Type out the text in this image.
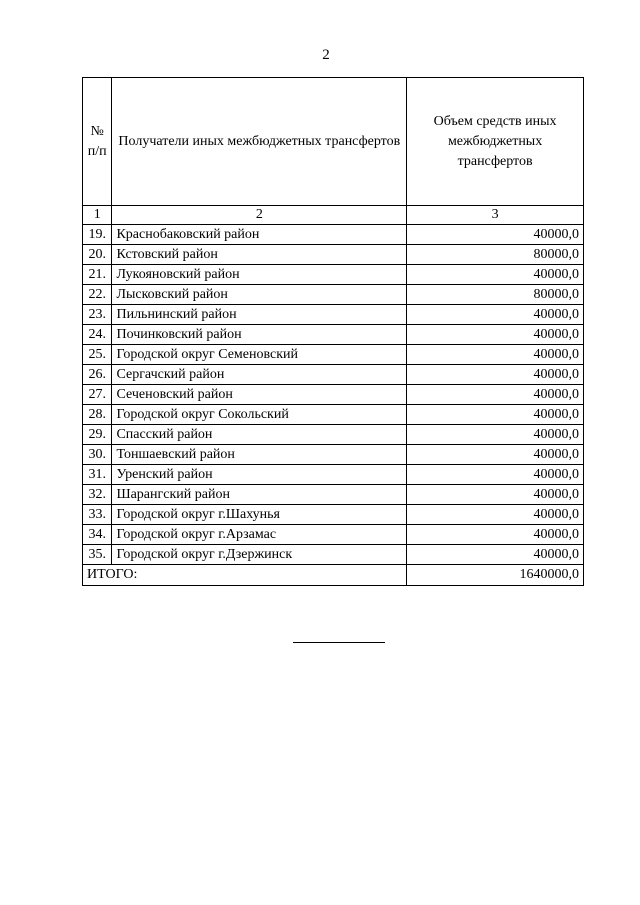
2
№ п/п	Получатели иных межбюджетных трансфертов	Объем средств иных межбюджетных трансфертов

1	2	3
19.	Краснобаковский район	40000,0
20.	Кстовский район	80000,0
21.	Лукояновский район	40000,0
22.	Лысковский район	80000,0
23.	Пильнинский район	40000,0
24.	Починковский район	40000,0
25.	Городской округ Семеновский	40000,0
26.	Сергачский район	40000,0
27.	Сеченовский район	40000,0
28.	Городской округ Сокольский	40000,0
29.	Спасский район	40000,0
30.	Тоншаевский район	40000,0
31.	Уренский район	40000,0
32.	Шарангский район	40000,0
33.	Городской округ г.Шахунья	40000,0
34.	Городской округ г.Арзамас	40000,0
35.	Городской округ г.Дзержинск	40000,0
ИТОГО:		1640000,0
